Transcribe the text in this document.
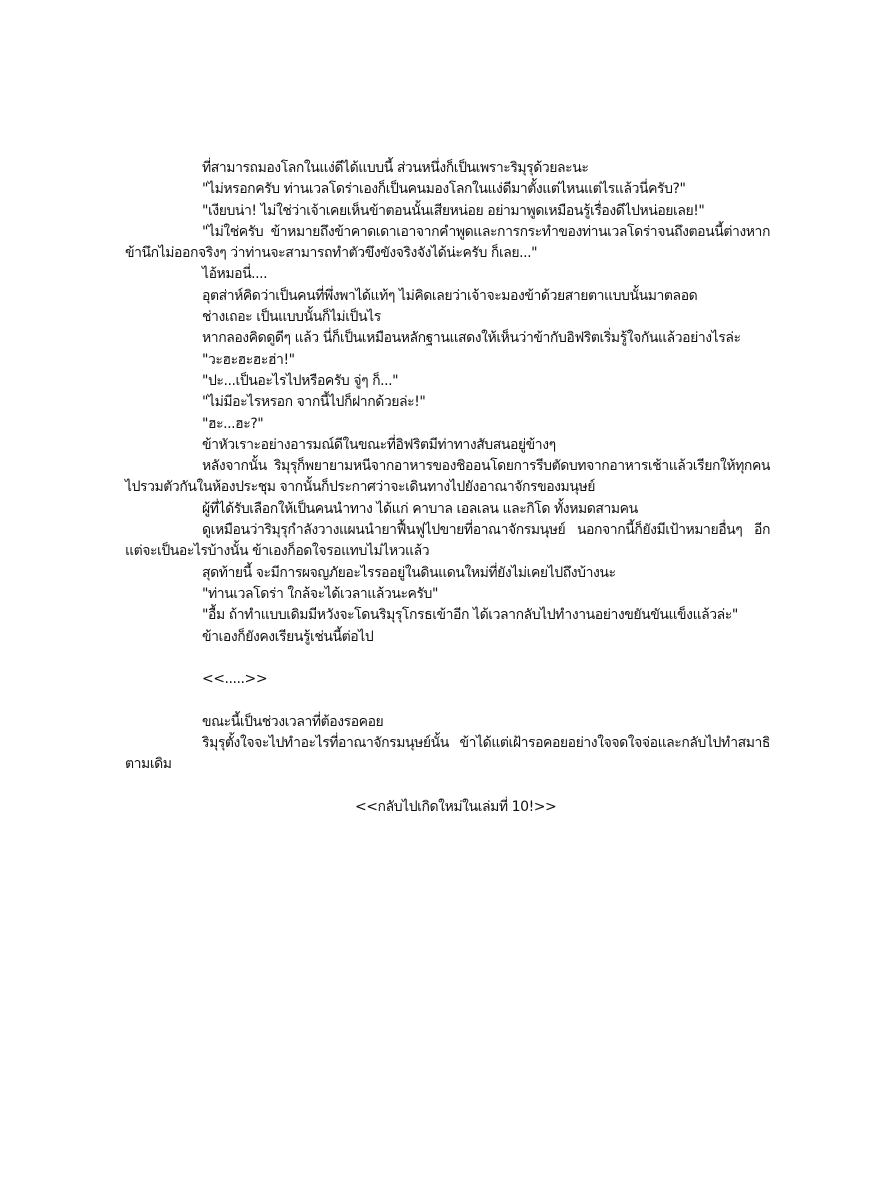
ที่สามารถมองโลกในแง่ดีได้แบบนี้ ส่วนหนึ่งก็เป็นเพราะริมุรุด้วยละนะ

"ไม่หรอกครับ ท่านเวลโดร่าเองก็เป็นคนมองโลกในแง่ดีมาตั้งแต่ไหนแต่ไรแล้วนี่ครับ?"

"เงียบน่า! ไม่ใช่ว่าเจ้าเคยเห็นข้าตอนนั้นเสียหน่อย อย่ามาพูดเหมือนรู้เรื่องดีไปหน่อยเลย!"

"ไม่ใช่ครับ ข้าหมายถึงข้าคาดเดาเอาจากคำพูดและการกระทำของท่านเวลโดร่าจนถึงตอนนี้ต่างหาก ข้านึกไม่ออกจริงๆ ว่าท่านจะสามารถทำตัวขึงขังจริงจังได้น่ะครับ ก็เลย..."

ไอ้หมอนี่....

อุตส่าห์คิดว่าเป็นคนที่พึ่งพาได้แท้ๆ ไม่คิดเลยว่าเจ้าจะมองข้าด้วยสายตาแบบนั้นมาตลอด

ช่างเถอะ เป็นแบบนั้นก็ไม่เป็นไร

หากลองคิดดูดีๆ แล้ว นี่ก็เป็นเหมือนหลักฐานแสดงให้เห็นว่าข้ากับอิฟริตเริ่มรู้ใจกันแล้วอย่างไรล่ะ

"วะฮะฮะฮะฮ่า!"

"ปะ...เป็นอะไรไปหรือครับ จู่ๆ ก็..."

"ไม่มีอะไรหรอก จากนี้ไปก็ฝากด้วยล่ะ!"

"ฮะ...ฮะ?"

ข้าหัวเราะอย่างอารมณ์ดีในขณะที่อิฟริตมีท่าทางสับสนอยู่ข้างๆ

หลังจากนั้น ริมุรุก็พยายามหนีจากอาหารของชิออนโดยการรีบตัดบทจากอาหารเช้าแล้วเรียกให้ทุกคนไปรวมตัวกันในห้องประชุม จากนั้นก็ประกาศว่าจะเดินทางไปยังอาณาจักรของมนุษย์

ผู้ที่ได้รับเลือกให้เป็นคนนำทาง ได้แก่ คาบาล เอลเลน และกิโด ทั้งหมดสามคน

ดูเหมือนว่าริมุรุกำลังวางแผนนำยาฟื้นฟูไปขายที่อาณาจักรมนุษย์ นอกจากนี้ก็ยังมีเป้าหมายอื่นๆ อีก แต่จะเป็นอะไรบ้างนั้น ข้าเองก็อดใจรอแทบไม่ไหวแล้ว

สุดท้ายนี้ จะมีการผจญภัยอะไรรออยู่ในดินแดนใหม่ที่ยังไม่เคยไปถึงบ้างนะ

"ท่านเวลโดร่า ใกล้จะได้เวลาแล้วนะครับ"

"อื้ม ถ้าทำแบบเดิมมีหวังจะโดนริมุรุโกรธเข้าอีก ได้เวลากลับไปทำงานอย่างขยันขันแข็งแล้วล่ะ"

ข้าเองก็ยังคงเรียนรู้เช่นนี้ต่อไป

<<.....>>

ขณะนี้เป็นช่วงเวลาที่ต้องรอคอย

ริมุรุตั้งใจจะไปทำอะไรที่อาณาจักรมนุษย์นั้น ข้าได้แต่เฝ้ารอคอยอย่างใจจดใจจ่อและกลับไปทำสมาธิตามเดิม

<<กลับไปเกิดใหม่ในเล่มที่ 10!>>
